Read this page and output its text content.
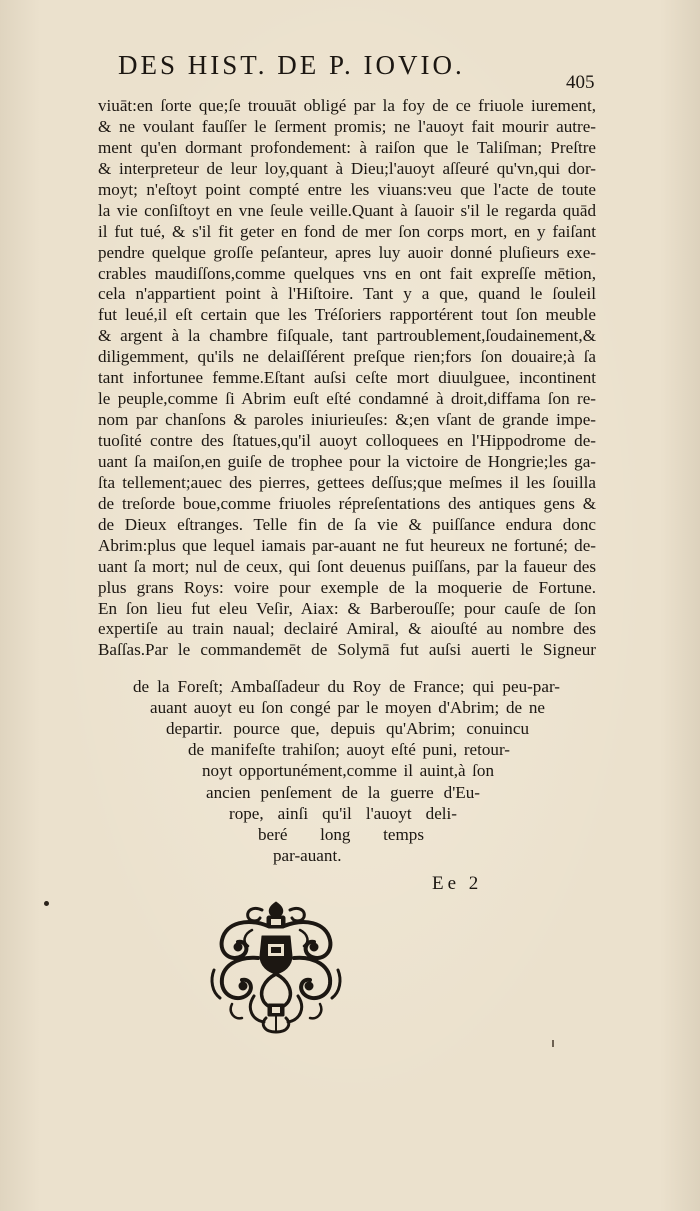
DES HIST. DE P. IOVIO.
405
viuāt:en ſorte que;ſe trouuāt obligé par la foy de ce friuole iurement,
& ne voulant fauſſer le ſerment promis; ne l'auoyt fait mourir autre-
ment qu'en dormant profondement: à raiſon que le Taliſman; Preſtre
& interpreteur de leur loy,quant à Dieu;l'auoyt aſſeuré qu'vn,qui dor-
moyt; n'eſtoyt point compté entre les viuans:veu que l'acte de toute
la vie conſiſtoyt en vne ſeule veille.Quant à ſauoir s'il le regarda quād
il fut tué, & s'il fit geter en fond de mer ſon corps mort, en y faiſant
pendre quelque groſſe peſanteur, apres luy auoir donné pluſieurs exe-
crables maudiſſons,comme quelques vns en ont fait expreſſe mētion,
cela n'appartient point à l'Hiſtoire. Tant y a que, quand le ſouleil
fut leué,il eſt certain que les Tréſoriers rapportérent tout ſon meuble
& argent à la chambre fiſquale, tant partroublement,ſoudainement,&
diligemment, qu'ils ne delaiſſérent preſque rien;fors ſon douaire;à ſa
tant infortunee femme.Eſtant auſsi ceſte mort diuulguee, incontinent
le peuple,comme ſi Abrim euſt eſté condamné à droit,diffama ſon re-
nom par chanſons & paroles iniurieuſes: &;en vſant de grande impe-
tuoſité contre des ſtatues,qu'il auoyt colloquees en l'Hippodrome de-
uant ſa maiſon,en guiſe de trophee pour la victoire de Hongrie;les ga-
ſta tellement;auec des pierres, gettees deſſus;que meſmes il les ſouilla
de treſorde boue,comme friuoles répreſentations des antiques gens &
de Dieux eſtranges. Telle fin de ſa vie & puiſſance endura donc
Abrim:plus que lequel iamais par-auant ne fut heureux ne fortuné; de-
uant ſa mort; nul de ceux, qui ſont deuenus puiſſans, par la faueur des
plus grans Roys: voire pour exemple de la moquerie de Fortune.
En ſon lieu fut eleu Veſir, Aiax: & Barberouſſe; pour cauſe de ſon
expertiſe au train naual; declairé Amiral, & aiouſté au nombre des
Baſſas.Par le commandemēt de Solymā fut auſsi auerti le Signeur
de la Foreſt; Ambaſſadeur du Roy de France; qui peu-par-
auant auoyt eu ſon congé par le moyen d'Abrim; de ne
departir. pource que, depuis qu'Abrim; conuincu
de manifeſte trahiſon; auoyt eſté puni, retour-
noyt opportunément,comme il auint,à ſon
ancien penſement de la guerre d'Eu-
rope, ainſi qu'il l'auoyt deli-
beré long temps
par-auant.
Ee 2
